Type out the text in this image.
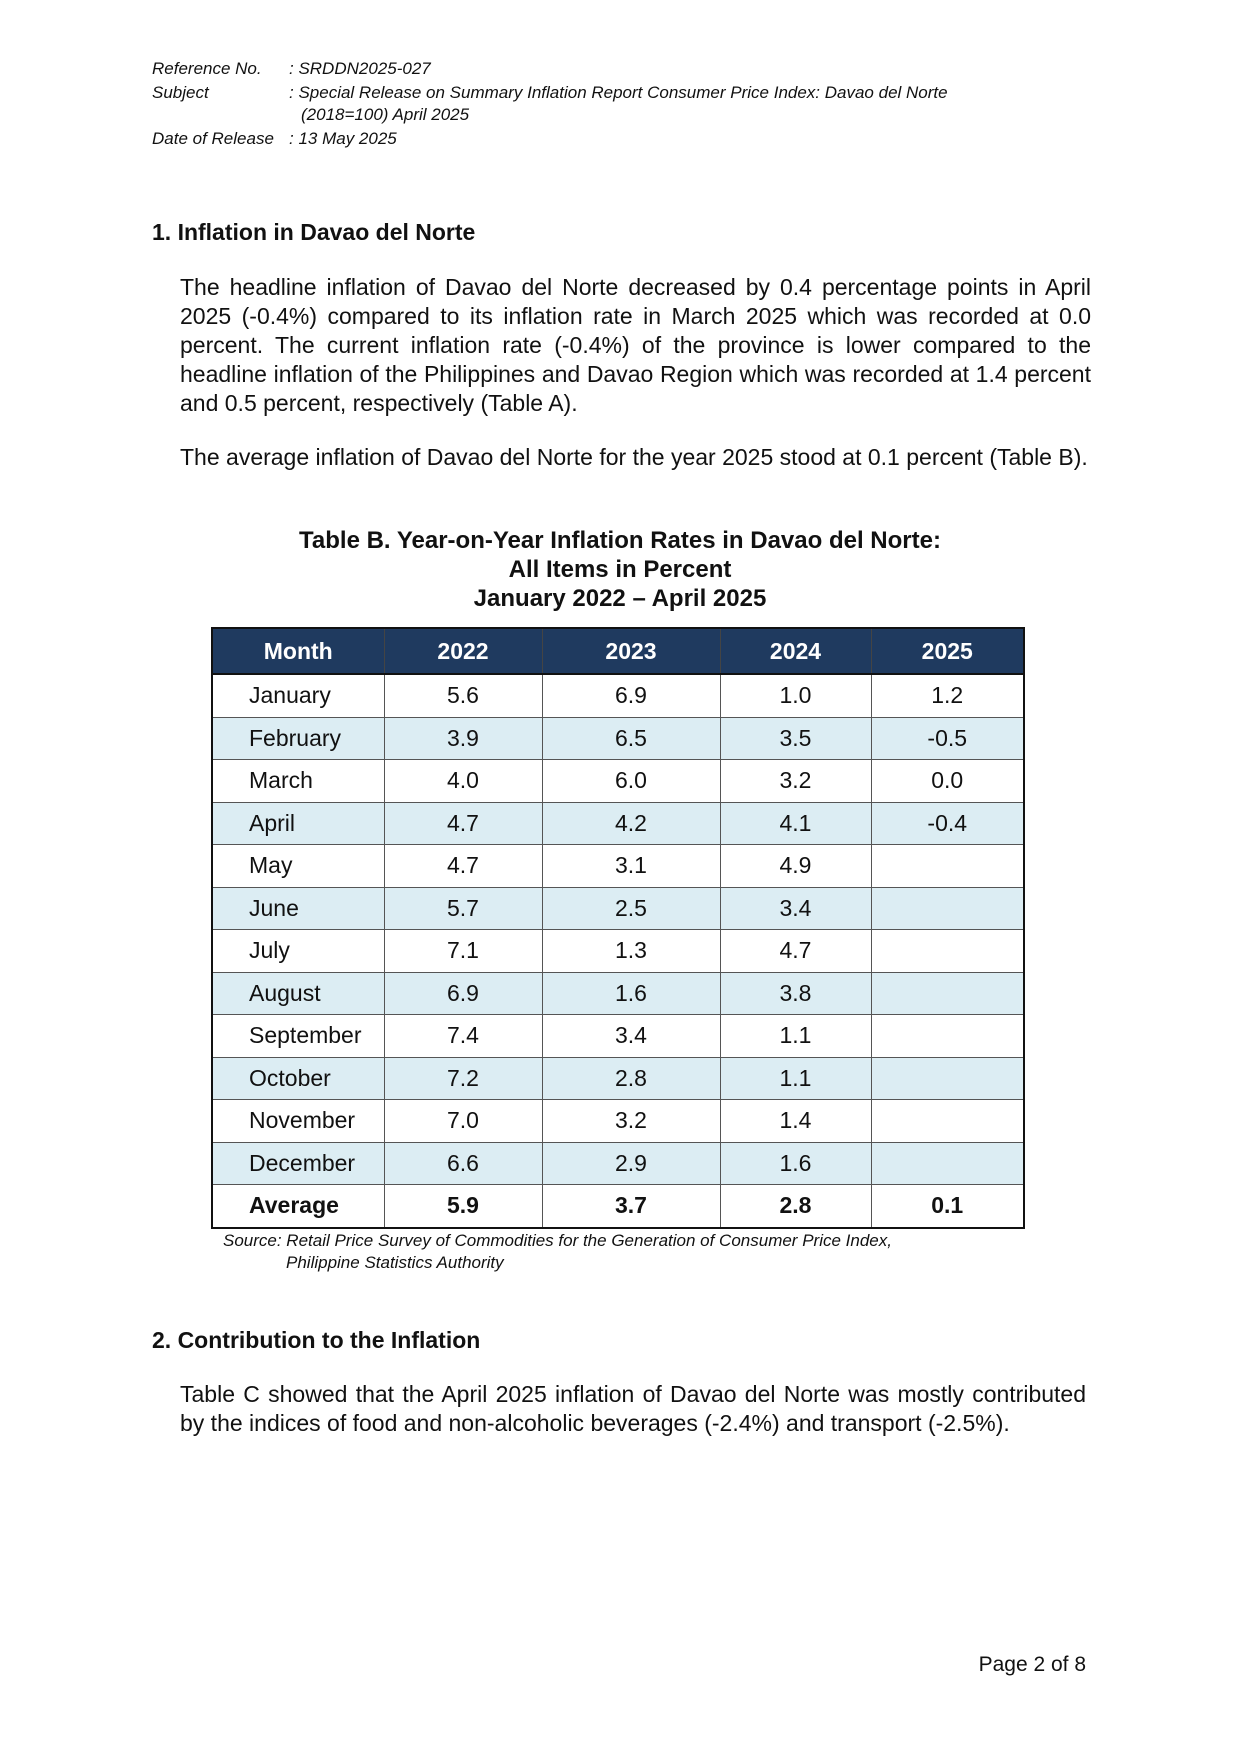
Reference No.	: SRDDN2025-027
Subject	: Special Release on Summary Inflation Report Consumer Price Index: Davao del Norte
(2018=100) April 2025
Date of Release : 13 May 2025
1. Inflation in Davao del Norte
The headline inflation of Davao del Norte decreased by 0.4 percentage points in April 2025 (-0.4%) compared to its inflation rate in March 2025 which was recorded at 0.0 percent. The current inflation rate (-0.4%) of the province is lower compared to the headline inflation of the Philippines and Davao Region which was recorded at 1.4 percent and 0.5 percent, respectively (Table A).
The average inflation of Davao del Norte for the year 2025 stood at 0.1 percent (Table B).
Table B. Year-on-Year Inflation Rates in Davao del Norte:
All Items in Percent
January 2022 – April 2025
Month	2022	2023	2024	2025
January	5.6	6.9	1.0	1.2
February	3.9	6.5	3.5	-0.5
March	4.0	6.0	3.2	0.0
April	4.7	4.2	4.1	-0.4
May	4.7	3.1	4.9	
June	5.7	2.5	3.4	
July	7.1	1.3	4.7	
August	6.9	1.6	3.8	
September	7.4	3.4	1.1	
October	7.2	2.8	1.1	
November	7.0	3.2	1.4	
December	6.6	2.9	1.6	
Average	5.9	3.7	2.8	0.1
Source: Retail Price Survey of Commodities for the Generation of Consumer Price Index,
Philippine Statistics Authority
2. Contribution to the Inflation
Table C showed that the April 2025 inflation of Davao del Norte was mostly contributed by the indices of food and non-alcoholic beverages (-2.4%) and transport (-2.5%).
Page 2 of 8
